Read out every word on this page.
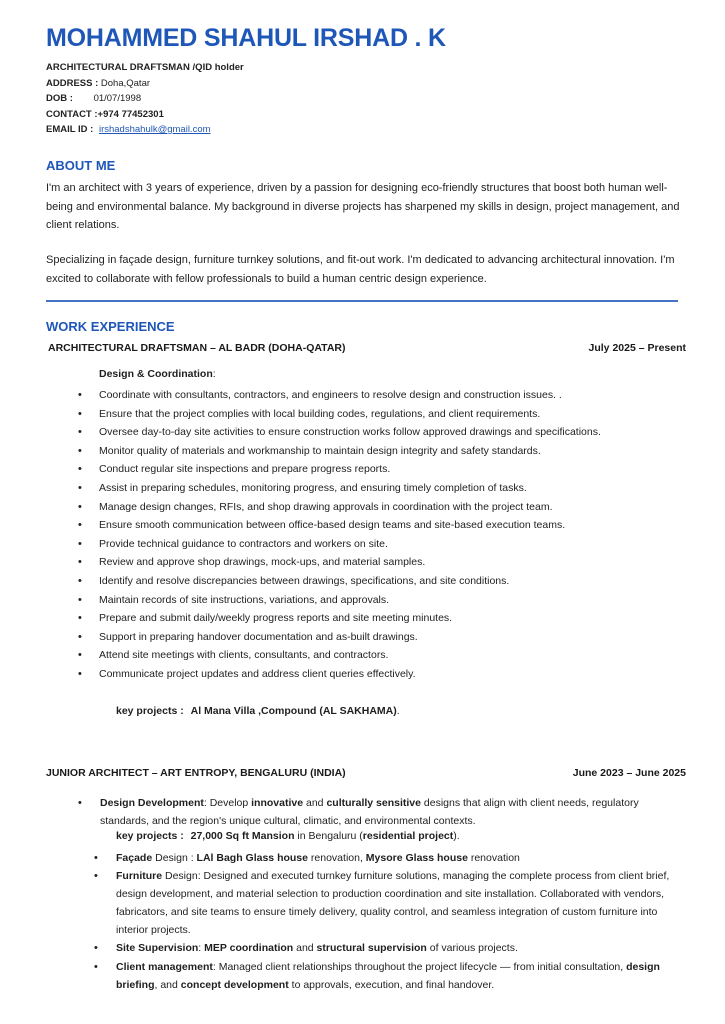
MOHAMMED SHAHUL IRSHAD . K
ARCHITECTURAL DRAFTSMAN /QID holder
ADDRESS : Doha,Qatar
DOB : 01/07/1998
CONTACT :+974 77452301
EMAIL ID : irshadshahulk@gmail.com
ABOUT ME
I'm an architect with 3 years of experience, driven by a passion for designing eco-friendly structures that boost both human well-being and environmental balance. My background in diverse projects has sharpened my skills in design, project management, and client relations.
Specializing in façade design, furniture turnkey solutions, and fit-out work. I'm dedicated to advancing architectural innovation. I'm excited to collaborate with fellow professionals to build a human centric design experience.
WORK EXPERIENCE
ARCHITECTURAL DRAFTSMAN – AL BADR (DOHA-QATAR)	July 2025 – Present
Design & Coordination:
• Coordinate with consultants, contractors, and engineers to resolve design and construction issues. .
• Ensure that the project complies with local building codes, regulations, and client requirements.
• Oversee day-to-day site activities to ensure construction works follow approved drawings and specifications.
• Monitor quality of materials and workmanship to maintain design integrity and safety standards.
• Conduct regular site inspections and prepare progress reports.
• Assist in preparing schedules, monitoring progress, and ensuring timely completion of tasks.
• Manage design changes, RFIs, and shop drawing approvals in coordination with the project team.
• Ensure smooth communication between office-based design teams and site-based execution teams.
• Provide technical guidance to contractors and workers on site.
• Review and approve shop drawings, mock-ups, and material samples.
• Identify and resolve discrepancies between drawings, specifications, and site conditions.
• Maintain records of site instructions, variations, and approvals.
• Prepare and submit daily/weekly progress reports and site meeting minutes.
• Support in preparing handover documentation and as-built drawings.
• Attend site meetings with clients, consultants, and contractors.
• Communicate project updates and address client queries effectively.
key projects : Al Mana Villa ,Compound (AL SAKHAMA).
JUNIOR ARCHITECT – ART ENTROPY, BENGALURU (INDIA)	June 2023 – June 2025
• Design Development: Develop innovative and culturally sensitive designs that align with client needs, regulatory standards, and the region's unique cultural, climatic, and environmental contexts.
key projects : 27,000 Sq ft Mansion in Bengaluru (residential project).
• Façade Design : LAl Bagh Glass house renovation, Mysore Glass house renovation
• Furniture Design: Designed and executed turnkey furniture solutions, managing the complete process from client brief, design development, and material selection to production coordination and site installation. Collaborated with vendors, fabricators, and site teams to ensure timely delivery, quality control, and seamless integration of custom furniture into interior projects.
• Site Supervision: MEP coordination and structural supervision of various projects.
• Client management: Managed client relationships throughout the project lifecycle — from initial consultation, design briefing, and concept development to approvals, execution, and final handover.
